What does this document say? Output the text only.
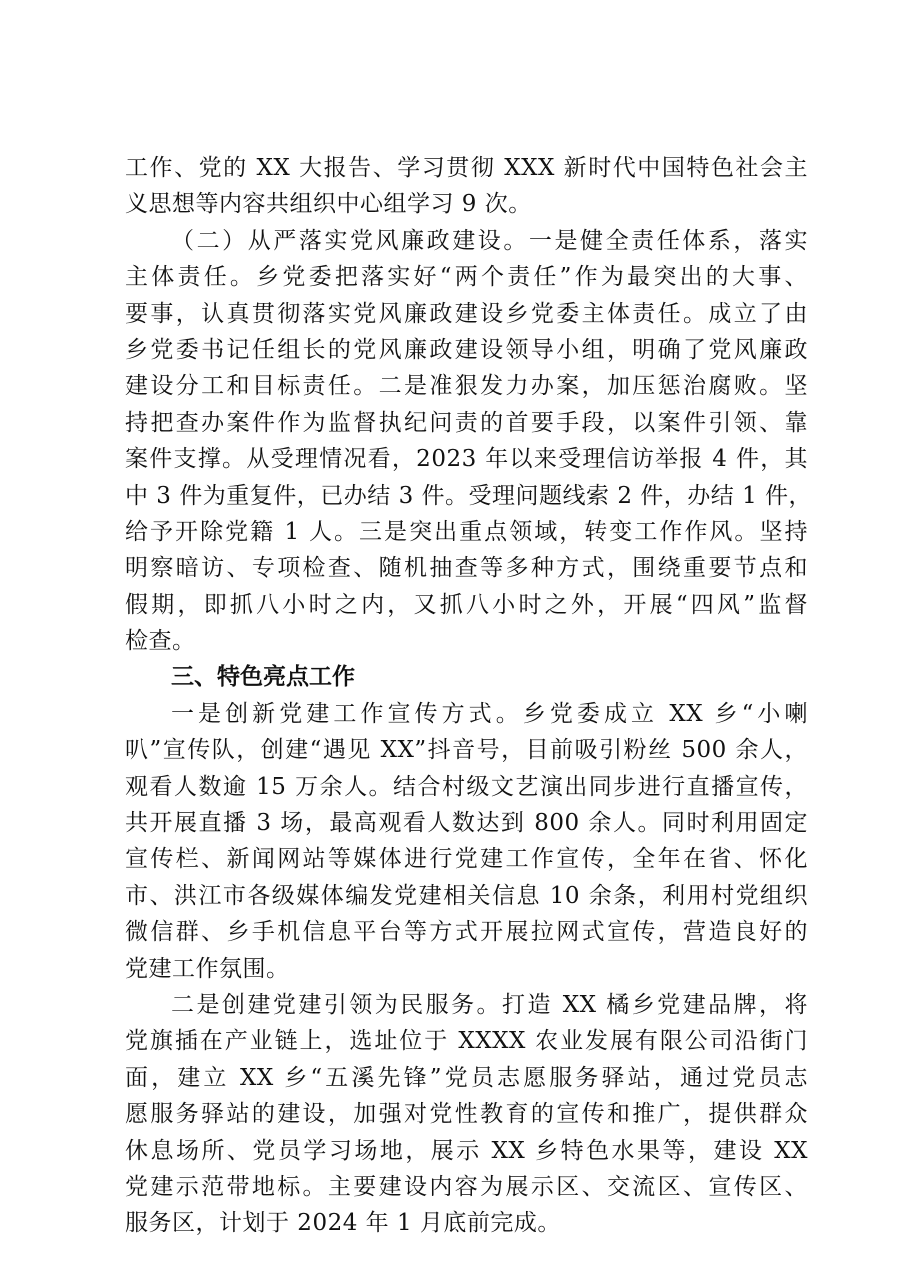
工作、党的 XX 大报告、学习贯彻 XXX 新时代中国特色社会主
义思想等内容共组织中心组学习 9 次。
（二）从严落实党风廉政建设。一是健全责任体系，落实
主体责任。乡党委把落实好“两个责任”作为最突出的大事、
要事，认真贯彻落实党风廉政建设乡党委主体责任。成立了由
乡党委书记任组长的党风廉政建设领导小组，明确了党风廉政
建设分工和目标责任。二是准狠发力办案，加压惩治腐败。坚
持把查办案件作为监督执纪问责的首要手段，以案件引领、靠
案件支撑。从受理情况看，2023 年以来受理信访举报 4 件，其
中 3 件为重复件，已办结 3 件。受理问题线索 2 件，办结 1 件，
给予开除党籍 1 人。三是突出重点领域，转变工作作风。坚持
明察暗访、专项检查、随机抽查等多种方式，围绕重要节点和
假期，即抓八小时之内，又抓八小时之外，开展“四风”监督
检查。
三、特色亮点工作
一是创新党建工作宣传方式。乡党委成立 XX 乡“小喇
叭”宣传队，创建“遇见 XX”抖音号，目前吸引粉丝 500 余人，
观看人数逾 15 万余人。结合村级文艺演出同步进行直播宣传，
共开展直播 3 场，最高观看人数达到 800 余人。同时利用固定
宣传栏、新闻网站等媒体进行党建工作宣传，全年在省、怀化
市、洪江市各级媒体编发党建相关信息 10 余条，利用村党组织
微信群、乡手机信息平台等方式开展拉网式宣传，营造良好的
党建工作氛围。
二是创建党建引领为民服务。打造 XX 橘乡党建品牌，将
党旗插在产业链上，选址位于 XXXX 农业发展有限公司沿街门
面，建立 XX 乡“五溪先锋”党员志愿服务驿站，通过党员志
愿服务驿站的建设，加强对党性教育的宣传和推广，提供群众
休息场所、党员学习场地，展示 XX 乡特色水果等，建设 XX
党建示范带地标。主要建设内容为展示区、交流区、宣传区、
服务区，计划于 2024 年 1 月底前完成。
